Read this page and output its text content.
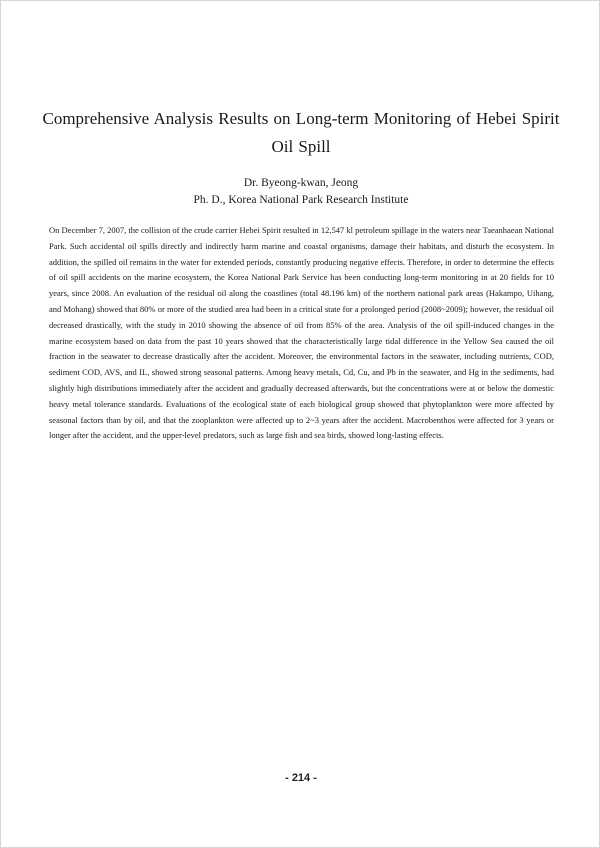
Comprehensive Analysis Results on Long-term Monitoring of Hebei Spirit
Oil Spill
Dr. Byeong-kwan, Jeong
Ph. D., Korea National Park Research Institute

On December 7, 2007, the collision of the crude carrier Hebei Spirit resulted in 12,547 kl petroleum spillage in the waters near Taeanhaean National Park. Such accidental oil spills directly and indirectly harm marine and coastal organisms, damage their habitats, and disturb the ecosystem. In addition, the spilled oil remains in the water for extended periods, constantly producing negative effects. Therefore, in order to determine the effects of oil spill accidents on the marine ecosystem, the Korea National Park Service has been conducting long-term monitoring in at 20 fields for 10 years, since 2008. An evaluation of the residual oil along the coastlines (total 48.196 km) of the northern national park areas (Hakampo, Uihang, and Mohang) showed that 80% or more of the studied area had been in a critical state for a prolonged period (2008~2009); however, the residual oil decreased drastically, with the study in 2010 showing the absence of oil from 85% of the area. Analysis of the oil spill-induced changes in the marine ecosystem based on data from the past 10 years showed that the characteristically large tidal difference in the Yellow Sea caused the oil fraction in the seawater to decrease drastically after the accident. Moreover, the environmental factors in the seawater, including nutrients, COD, sediment COD, AVS, and IL, showed strong seasonal patterns. Among heavy metals, Cd, Cu, and Pb in the seawater, and Hg in the sediments, had slightly high distributions immediately after the accident and gradually decreased afterwards, but the concentrations were at or below the domestic heavy metal tolerance standards. Evaluations of the ecological state of each biological group showed that phytoplankton were more affected by seasonal factors than by oil, and that the zooplankton were affected up to 2~3 years after the accident. Macrobenthos were affected for 3 years or longer after the accident, and the upper-level predators, such as large fish and sea birds, showed long-lasting effects.

- 214 -
